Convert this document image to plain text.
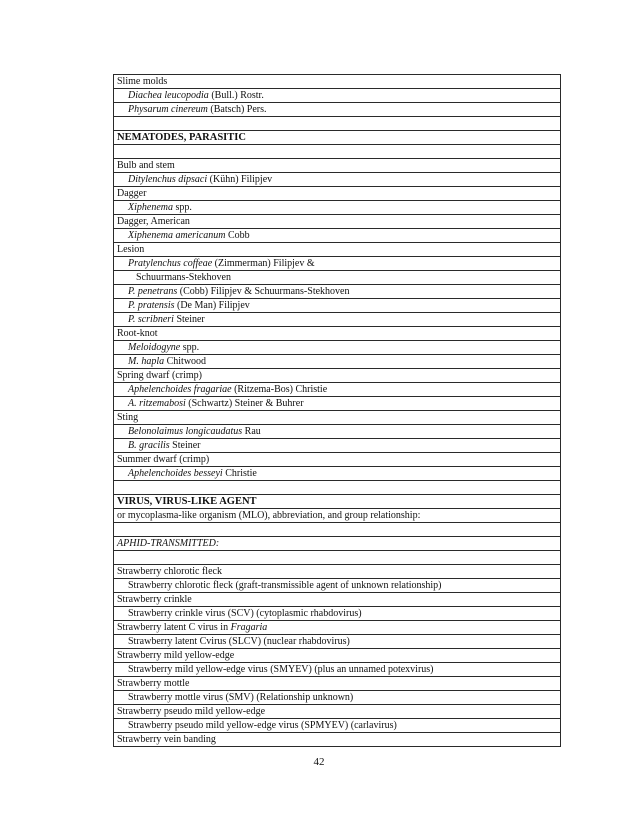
Slime molds
Diachea leucopodia (Bull.) Rostr.
Physarum cinereum (Batsch) Pers.

NEMATODES, PARASITIC

Bulb and stem
Ditylenchus dipsaci (Kühn) Filipjev
Dagger
Xiphenema spp.
Dagger, American
Xiphenema americanum Cobb
Lesion
Pratylenchus coffeae (Zimmerman) Filipjev &
Schuurmans-Stekhoven
P. penetrans (Cobb) Filipjev & Schuurmans-Stekhoven
P. pratensis (De Man) Filipjev
P. scribneri Steiner
Root-knot
Meloidogyne spp.
M. hapla Chitwood
Spring dwarf (crimp)
Aphelenchoides fragariae (Ritzema-Bos) Christie
A. ritzemabosi (Schwartz) Steiner & Buhrer
Sting
Belonolaimus longicaudatus Rau
B. gracilis Steiner
Summer dwarf (crimp)
Aphelenchoides besseyi Christie

VIRUS, VIRUS-LIKE AGENT
or mycoplasma-like organism (MLO), abbreviation, and group relationship:

APHID-TRANSMITTED:

Strawberry chlorotic fleck
Strawberry chlorotic fleck (graft-transmissible agent of unknown relationship)
Strawberry crinkle
Strawberry crinkle virus (SCV) (cytoplasmic rhabdovirus)
Strawberry latent C virus in Fragaria
Strawberry latent Cvirus (SLCV) (nuclear rhabdovirus)
Strawberry mild yellow-edge
Strawberry mild yellow-edge virus (SMYEV) (plus an unnamed potexvirus)
Strawberry mottle
Strawberry mottle virus (SMV) (Relationship unknown)
Strawberry pseudo mild yellow-edge
Strawberry pseudo mild yellow-edge virus (SPMYEV) (carlavirus)
Strawberry vein banding
42
